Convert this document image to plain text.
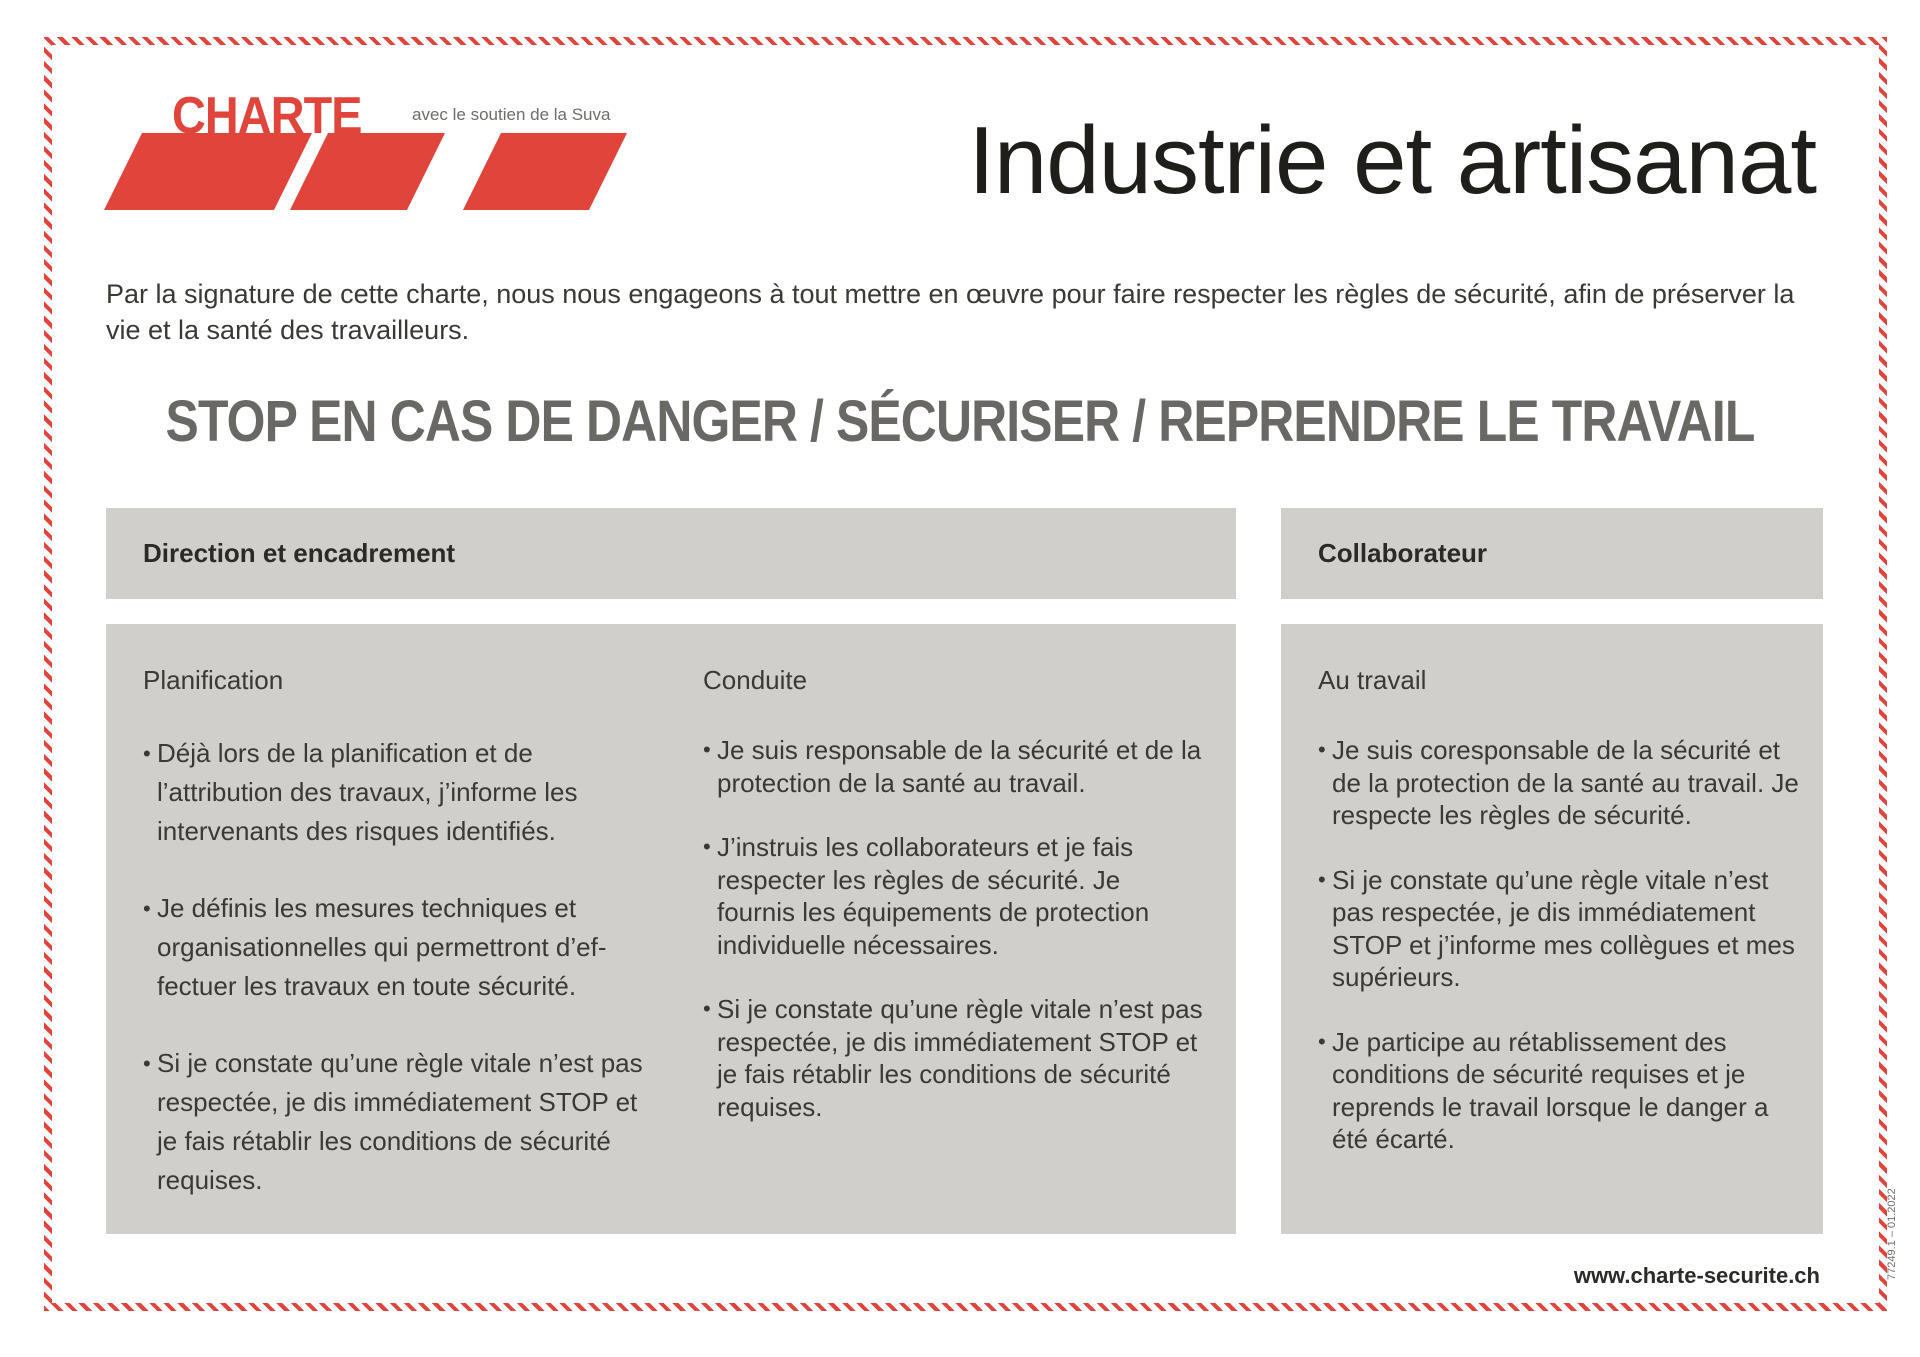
CHARTE	avec le soutien de la Suva	Industrie et artisanat
Par la signature de cette charte, nous nous engageons à tout mettre en œuvre pour faire respecter les règles de sécurité, afin de préserver la vie et la santé des travailleurs.
STOP EN CAS DE DANGER / SÉCURISER / REPRENDRE LE TRAVAIL
Direction et encadrement	Collaborateur
Planification
• Déjà lors de la planification et de l’attribution des travaux, j’informe les intervenants des risques identifiés.
• Je définis les mesures techniques et organisationnelles qui permettront d’effectuer les travaux en toute sécurité.
• Si je constate qu’une règle vitale n’est pas respectée, je dis immédiatement STOP et je fais rétablir les conditions de sécurité requises.
Conduite
• Je suis responsable de la sécurité et de la protection de la santé au travail.
• J’instruis les collaborateurs et je fais respecter les règles de sécurité. Je fournis les équipements de protection individuelle nécessaires.
• Si je constate qu’une règle vitale n’est pas respectée, je dis immédiatement STOP et je fais rétablir les conditions de sécurité requises.
Au travail
• Je suis coresponsable de la sécurité et de la protection de la santé au travail. Je respecte les règles de sécurité.
• Si je constate qu’une règle vitale n’est pas respectée, je dis immédiatement STOP et j’informe mes collègues et mes supérieurs.
• Je participe au rétablissement des conditions de sécurité requises et je reprends le travail lorsque le danger a été écarté.
www.charte-securite.ch	77249.1 – 01.2022
